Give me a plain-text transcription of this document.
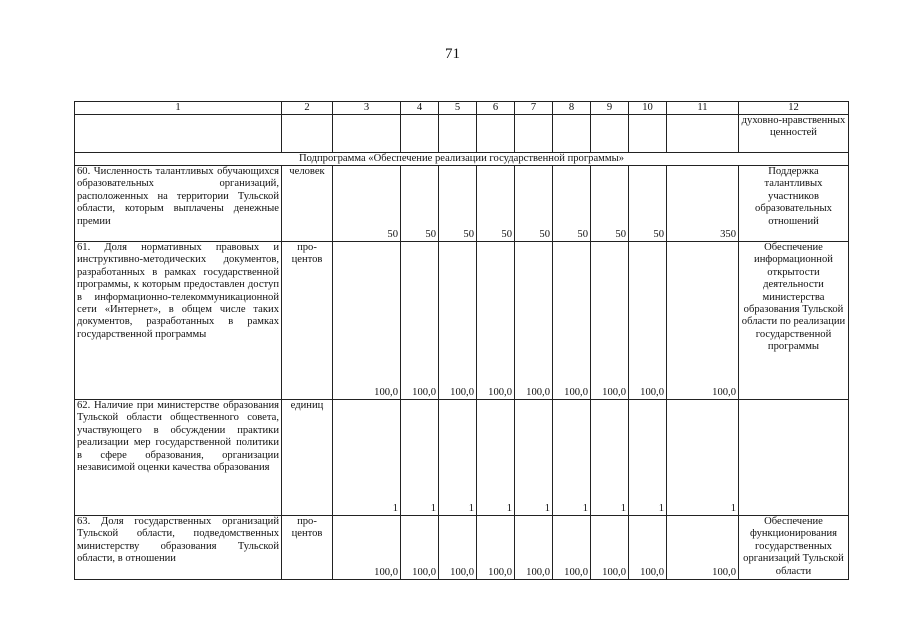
71
1	2	3	4	5	6	7	8	9	10	11	12
											духовно-нравственных ценностей
Подпрограмма «Обеспечение реализации государственной программы»											
60. Численность талантливых обучающихся образовательных организаций, расположенных на территории Тульской области, которым выплачены денежные премии	человек	50	50	50	50	50	50	50	50	350	Поддержка талантливых участников образовательных отношений
61. Доля нормативных правовых и инструктивно-методических документов, разработанных в рамках государственной программы, к которым предоставлен доступ в информационно-телекоммуникационной сети «Интернет», в общем числе таких документов, разработанных в рамках государственной программы	про-центов	100,0	100,0	100,0	100,0	100,0	100,0	100,0	100,0	100,0	Обеспечение информационной открытости деятельности министерства образования Тульской области по реализации государственной программы
62. Наличие при министерстве образования Тульской области общественного совета, участвующего в обсуждении практики реализации мер государственной политики в сфере образования, организации независимой оценки качества образования	единиц	1	1	1	1	1	1	1	1	1	
63. Доля государственных организаций Тульской области, подведомственных министерству образования Тульской области, в отношении	про-центов	100,0	100,0	100,0	100,0	100,0	100,0	100,0	100,0	100,0	Обеспечение функционирования государственных организаций Тульской области
